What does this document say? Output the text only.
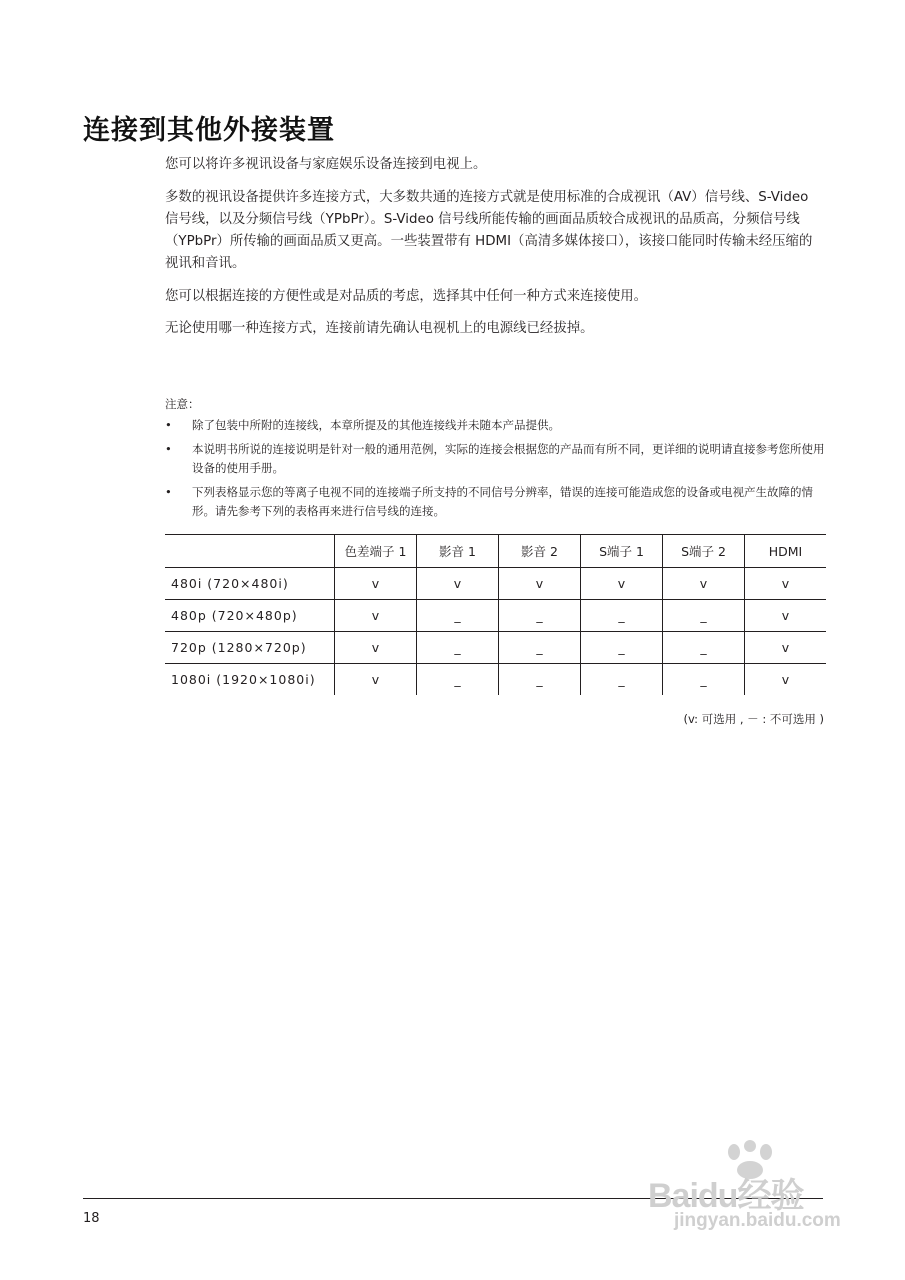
连接到其他外接装置

您可以将许多视讯设备与家庭娱乐设备连接到电视上。

多数的视讯设备提供许多连接方式，大多数共通的连接方式就是使用标准的合成视讯（AV）信号线、S-Video 信号线，以及分频信号线（YPbPr）。S-Video 信号线所能传输的画面品质较合成视讯的品质高，分频信号线（YPbPr）所传输的画面品质又更高。一些装置带有 HDMI（高清多媒体接口），该接口能同时传输未经压缩的视讯和音讯。

您可以根据连接的方便性或是对品质的考虑，选择其中任何一种方式来连接使用。

无论使用哪一种连接方式，连接前请先确认电视机上的电源线已经拔掉。

注意：
• 除了包装中所附的连接线，本章所提及的其他连接线并未随本产品提供。
• 本说明书所说的连接说明是针对一般的通用范例，实际的连接会根据您的产品而有所不同，更详细的说明请直接参考您所使用设备的使用手册。
• 下列表格显示您的等离子电视不同的连接端子所支持的不同信号分辨率，错误的连接可能造成您的设备或电视产生故障的情形。请先参考下列的表格再来进行信号线的连接。
	色差端子 1	影音 1	影音 2	S端子 1	S端子 2	HDMI
480i (720×480i)	v	v	v	v	v	v
480p (720×480p)	v	_	_	_	_	v
720p (1280×720p)	v	_	_	_	_	v
1080i (1920×1080i)	v	_	_	_	_	v
(v: 可选用 , － : 不可选用 )
18
Baidu经验
jingyan.baidu.com
